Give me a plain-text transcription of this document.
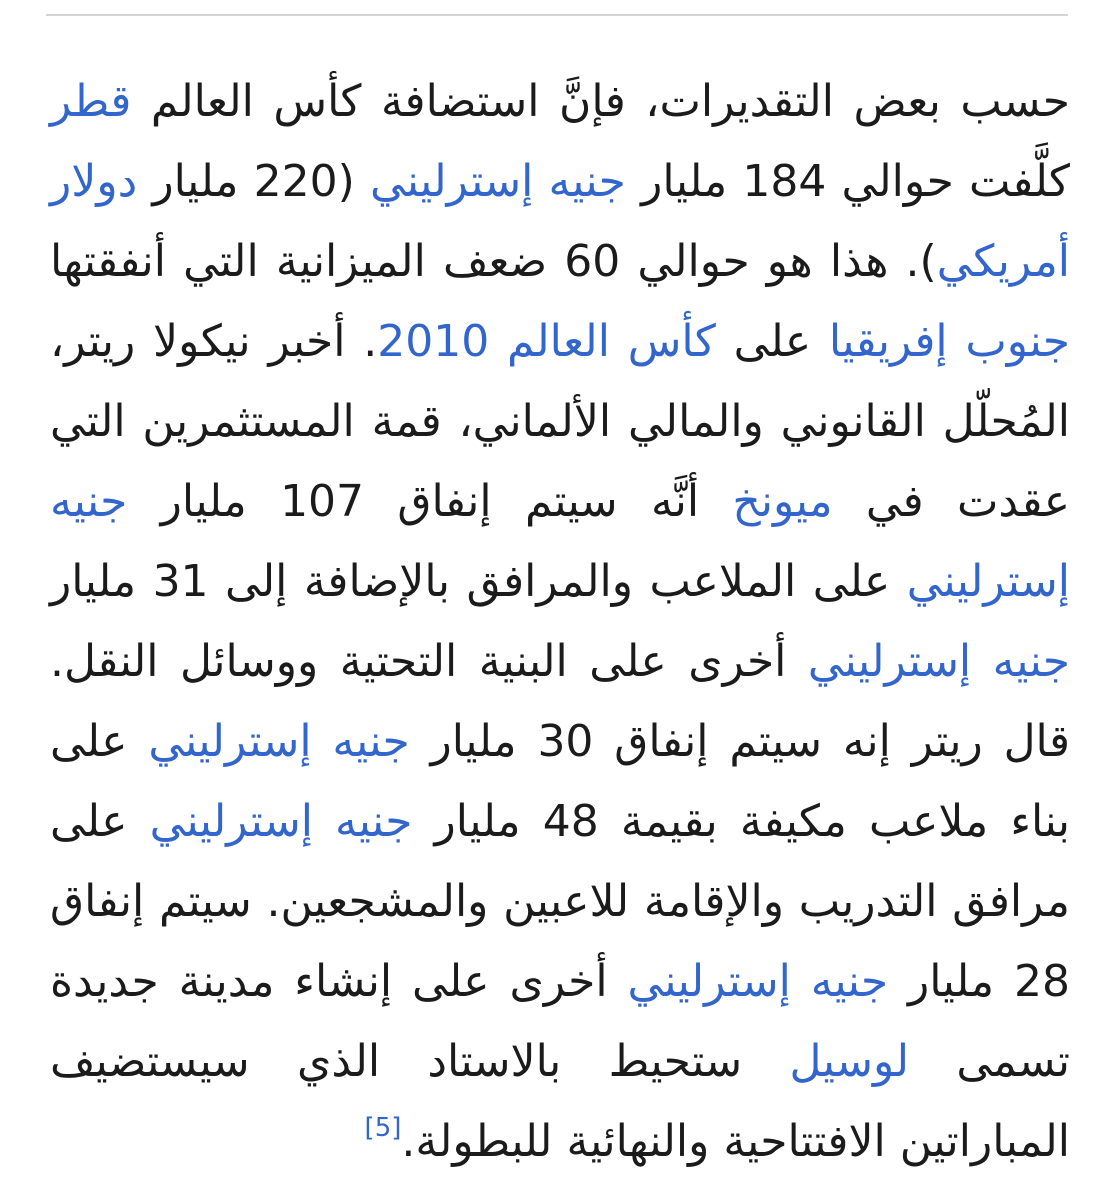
حسب بعض التقديرات، فإنَّ استضافة كأس العالم قطر كلَّفت حوالي 184 مليار جنيه إسترليني (220 مليار دولار أمريكي). هذا هو حوالي 60 ضعف الميزانية التي أنفقتها جنوب إفريقيا على كأس العالم 2010. أخبر نيكولا ريتر، المُحلّل القانوني والمالي الألماني، قمة المستثمرين التي عقدت في ميونخ أنَّه سيتم إنفاق 107 مليار جنيه إسترليني على الملاعب والمرافق بالإضافة إلى 31 مليار جنيه إسترليني أخرى على البنية التحتية ووسائل النقل. قال ريتر إنه سيتم إنفاق 30 مليار جنيه إسترليني على بناء ملاعب مكيفة بقيمة 48 مليار جنيه إسترليني على مرافق التدريب والإقامة للاعبين والمشجعين. سيتم إنفاق 28 مليار جنيه إسترليني أخرى على إنشاء مدينة جديدة تسمى لوسيل ستحيط بالاستاد الذي سيستضيف المباراتين الافتتاحية والنهائية للبطولة.[5]
